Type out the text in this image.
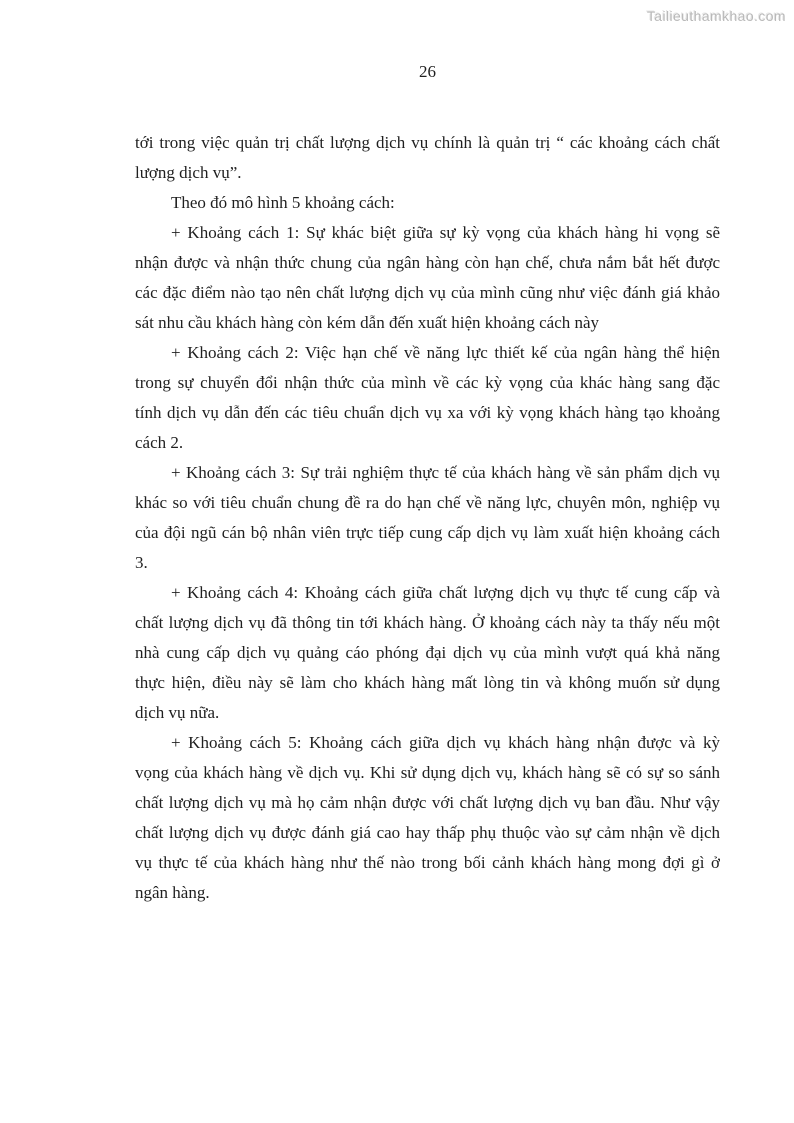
Tailieuthamkhao.com
26
tới trong việc quản trị chất lượng dịch vụ chính là quản trị “ các khoảng cách chất
lượng dịch vụ”.
Theo đó mô hình 5 khoảng cách:
+ Khoảng cách 1: Sự khác biệt giữa sự kỳ vọng của khách hàng hi vọng sẽ
nhận được và nhận thức chung của ngân hàng còn hạn chế, chưa nắm bắt hết được
các đặc điểm nào tạo nên chất lượng dịch vụ của mình cũng như việc đánh giá khảo
sát nhu cầu khách hàng còn kém dẫn đến xuất hiện khoảng cách này
+ Khoảng cách 2: Việc hạn chế về năng lực thiết kế của ngân hàng thể hiện
trong sự chuyển đổi nhận thức của mình về các kỳ vọng của khác hàng sang đặc
tính dịch vụ dẫn đến các tiêu chuẩn dịch vụ xa với kỳ vọng khách hàng tạo khoảng
cách 2.
+ Khoảng cách 3: Sự trải nghiệm thực tế của khách hàng về sản phẩm dịch vụ
khác so với tiêu chuẩn chung đề ra do hạn chế về năng lực, chuyên môn, nghiệp vụ
của đội ngũ cán bộ nhân viên trực tiếp cung cấp dịch vụ làm xuất hiện khoảng cách
3.
+ Khoảng cách 4: Khoảng cách giữa chất lượng dịch vụ thực tế cung cấp và
chất lượng dịch vụ đã thông tin tới khách hàng. Ở khoảng cách này ta thấy nếu một
nhà cung cấp dịch vụ quảng cáo phóng đại dịch vụ của mình vượt quá khả năng
thực hiện, điều này sẽ làm cho khách hàng mất lòng tin và không muốn sử dụng
dịch vụ nữa.
+ Khoảng cách 5: Khoảng cách giữa dịch vụ khách hàng nhận được và kỳ
vọng của khách hàng về dịch vụ. Khi sử dụng dịch vụ, khách hàng sẽ có sự so sánh
chất lượng dịch vụ mà họ cảm nhận được với chất lượng dịch vụ ban đầu. Như vậy
chất lượng dịch vụ được đánh giá cao hay thấp phụ thuộc vào sự cảm nhận về dịch
vụ thực tế của khách hàng như thế nào trong bối cảnh khách hàng mong đợi gì ở
ngân hàng.
